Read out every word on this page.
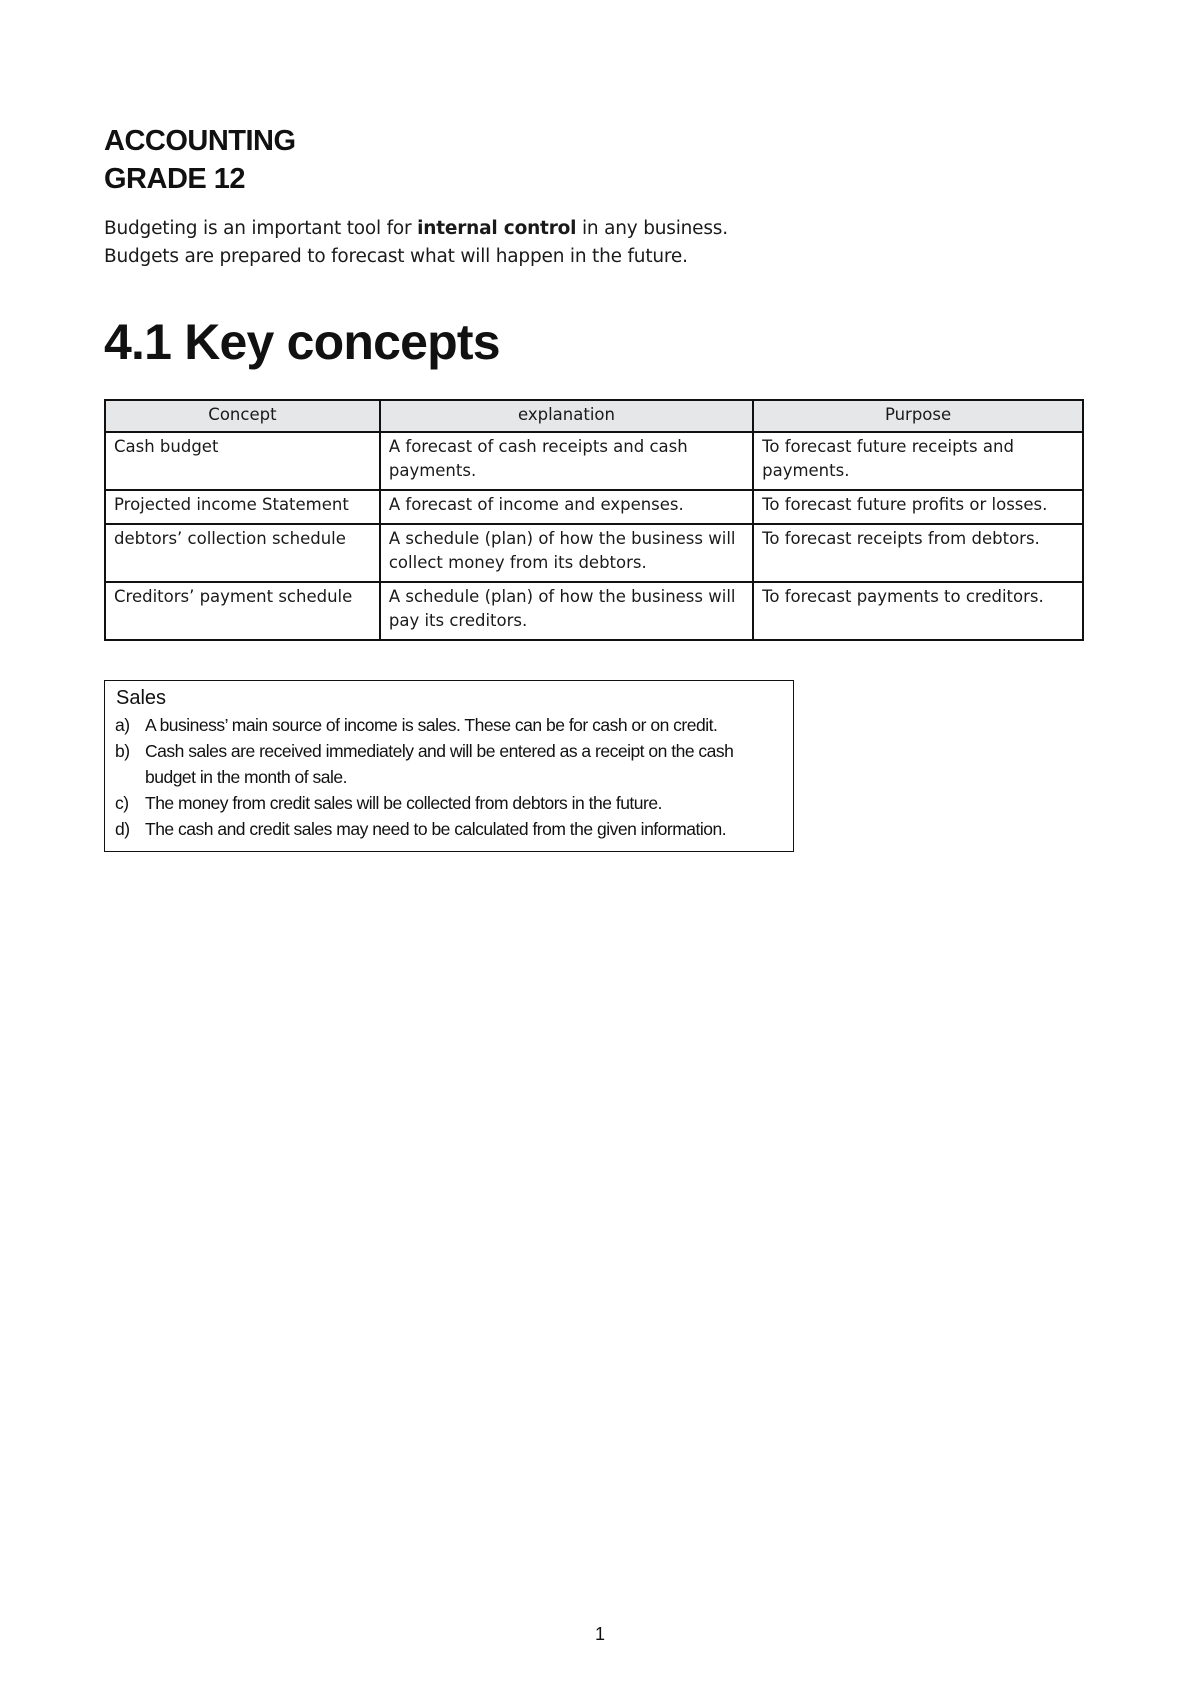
ACCOUNTING

GRADE 12

Budgeting is an important tool for internal control in any business.

Budgets are prepared to forecast what will happen in the future.

4.1 Key concepts
Concept	explanation	Purpose
Cash budget	A forecast of cash receipts and cash payments.	To forecast future receipts and payments.
Projected income Statement	A forecast of income and expenses.	To forecast future profits or losses.
debtors’ collection schedule	A schedule (plan) of how the business will collect money from its debtors.	To forecast receipts from debtors.
Creditors’ payment schedule	A schedule (plan) of how the business will pay its creditors.	To forecast payments to creditors.

Sales

a) A business’ main source of income is sales. These can be for cash or on credit.
b) Cash sales are received immediately and will be entered as a receipt on the cash budget in the month of sale.
c) The money from credit sales will be collected from debtors in the future.
d) The cash and credit sales may need to be calculated from the given information.
1
